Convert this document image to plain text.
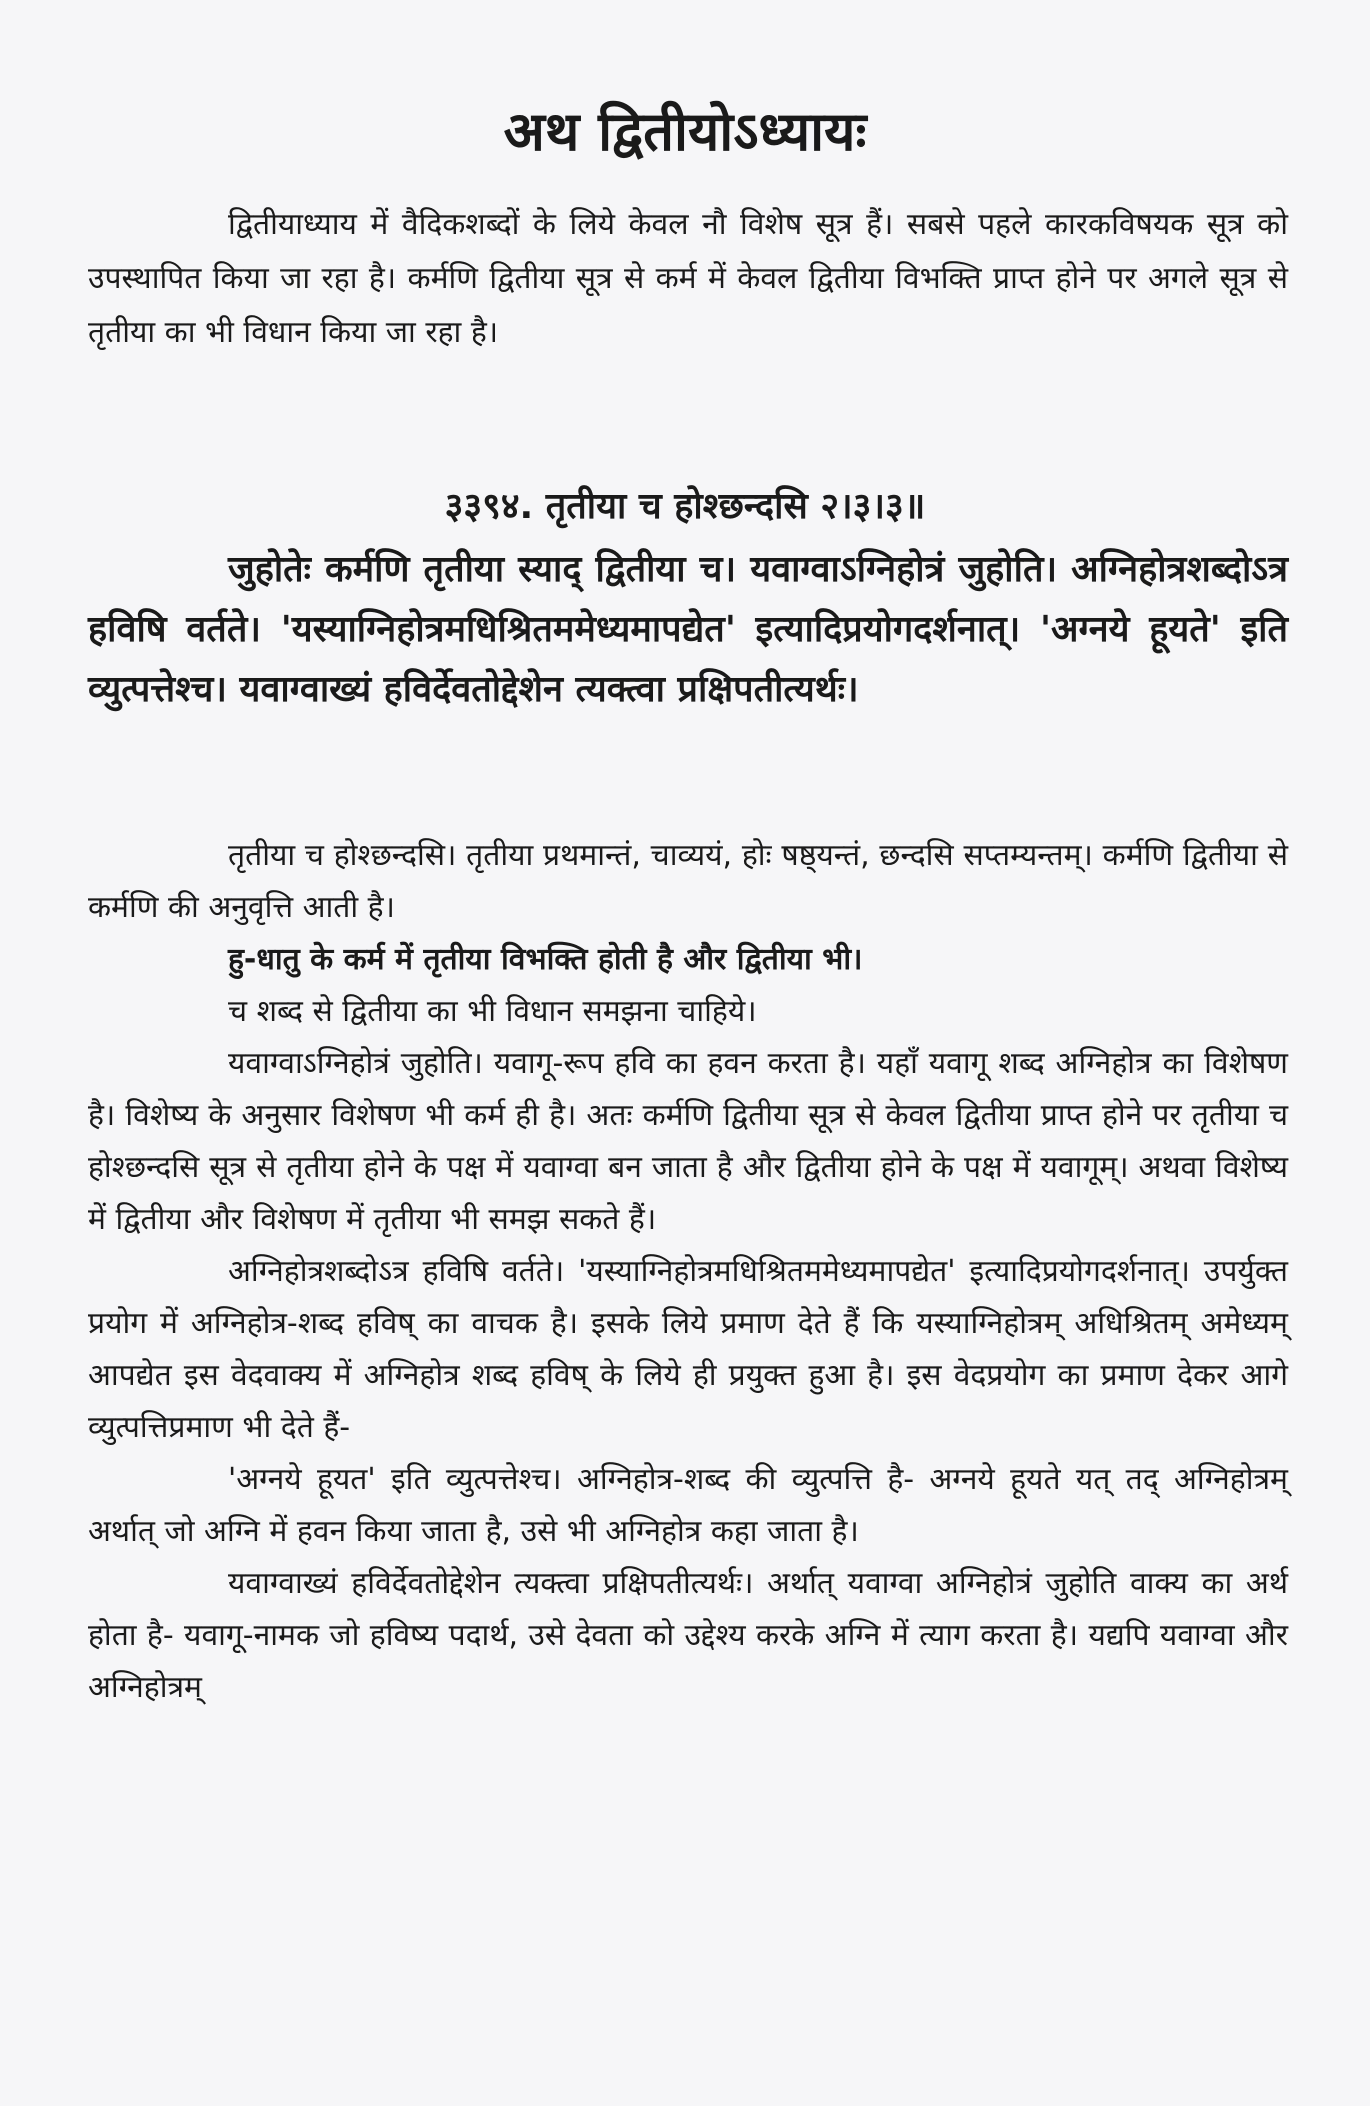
अथ द्वितीयोऽध्यायः

द्वितीयाध्याय में वैदिकशब्दों के लिये केवल नौ विशेष सूत्र हैं। सबसे पहले कारकविषयक सूत्र को उपस्थापित किया जा रहा है। कर्मणि द्वितीया सूत्र से कर्म में केवल द्वितीया विभक्ति प्राप्त होने पर अगले सूत्र से तृतीया का भी विधान किया जा रहा है।

३३९४. तृतीया च होश्छन्दसि २।३।३॥

जुहोतेः कर्मणि तृतीया स्याद् द्वितीया च। यवाग्वाऽग्निहोत्रं जुहोति। अग्निहोत्रशब्दोऽत्र हविषि वर्तते। 'यस्याग्निहोत्रमधिश्रितममेध्यमापद्येत' इत्यादिप्रयोगदर्शनात्। 'अग्नये हूयते' इति व्युत्पत्तेश्च। यवाग्वाख्यं हविर्देवतोद्देशेन त्यक्त्वा प्रक्षिपतीत्यर्थः।

तृतीया च होश्छन्दसि। तृतीया प्रथमान्तं, चाव्ययं, होः षष्ठ्यन्तं, छन्दसि सप्तम्यन्तम्। कर्मणि द्वितीया से कर्मणि की अनुवृत्ति आती है।

हु-धातु के कर्म में तृतीया विभक्ति होती है और द्वितीया भी।

च शब्द से द्वितीया का भी विधान समझना चाहिये।

यवाग्वाऽग्निहोत्रं जुहोति। यवागू-रूप हवि का हवन करता है। यहाँ यवागू शब्द अग्निहोत्र का विशेषण है। विशेष्य के अनुसार विशेषण भी कर्म ही है। अतः कर्मणि द्वितीया सूत्र से केवल द्वितीया प्राप्त होने पर तृतीया च होश्छन्दसि सूत्र से तृतीया होने के पक्ष में यवाग्वा बन जाता है और द्वितीया होने के पक्ष में यवागूम्। अथवा विशेष्य में द्वितीया और विशेषण में तृतीया भी समझ सकते हैं।

अग्निहोत्रशब्दोऽत्र हविषि वर्तते। 'यस्याग्निहोत्रमधिश्रितममेध्यमापद्येत' इत्यादिप्रयोगदर्शनात्। उपर्युक्त प्रयोग में अग्निहोत्र-शब्द हविष् का वाचक है। इसके लिये प्रमाण देते हैं कि यस्याग्निहोत्रम् अधिश्रितम् अमेध्यम् आपद्येत इस वेदवाक्य में अग्निहोत्र शब्द हविष् के लिये ही प्रयुक्त हुआ है। इस वेदप्रयोग का प्रमाण देकर आगे व्युत्पत्तिप्रमाण भी देते हैं-

'अग्नये हूयत' इति व्युत्पत्तेश्च। अग्निहोत्र-शब्द की व्युत्पत्ति है- अग्नये हूयते यत् तद् अग्निहोत्रम् अर्थात् जो अग्नि में हवन किया जाता है, उसे भी अग्निहोत्र कहा जाता है।

यवाग्वाख्यं हविर्देवतोद्देशेन त्यक्त्वा प्रक्षिपतीत्यर्थः। अर्थात् यवाग्वा अग्निहोत्रं जुहोति वाक्य का अर्थ होता है- यवागू-नामक जो हविष्य पदार्थ, उसे देवता को उद्देश्य करके अग्नि में त्याग करता है। यद्यपि यवाग्वा और अग्निहोत्रम्
